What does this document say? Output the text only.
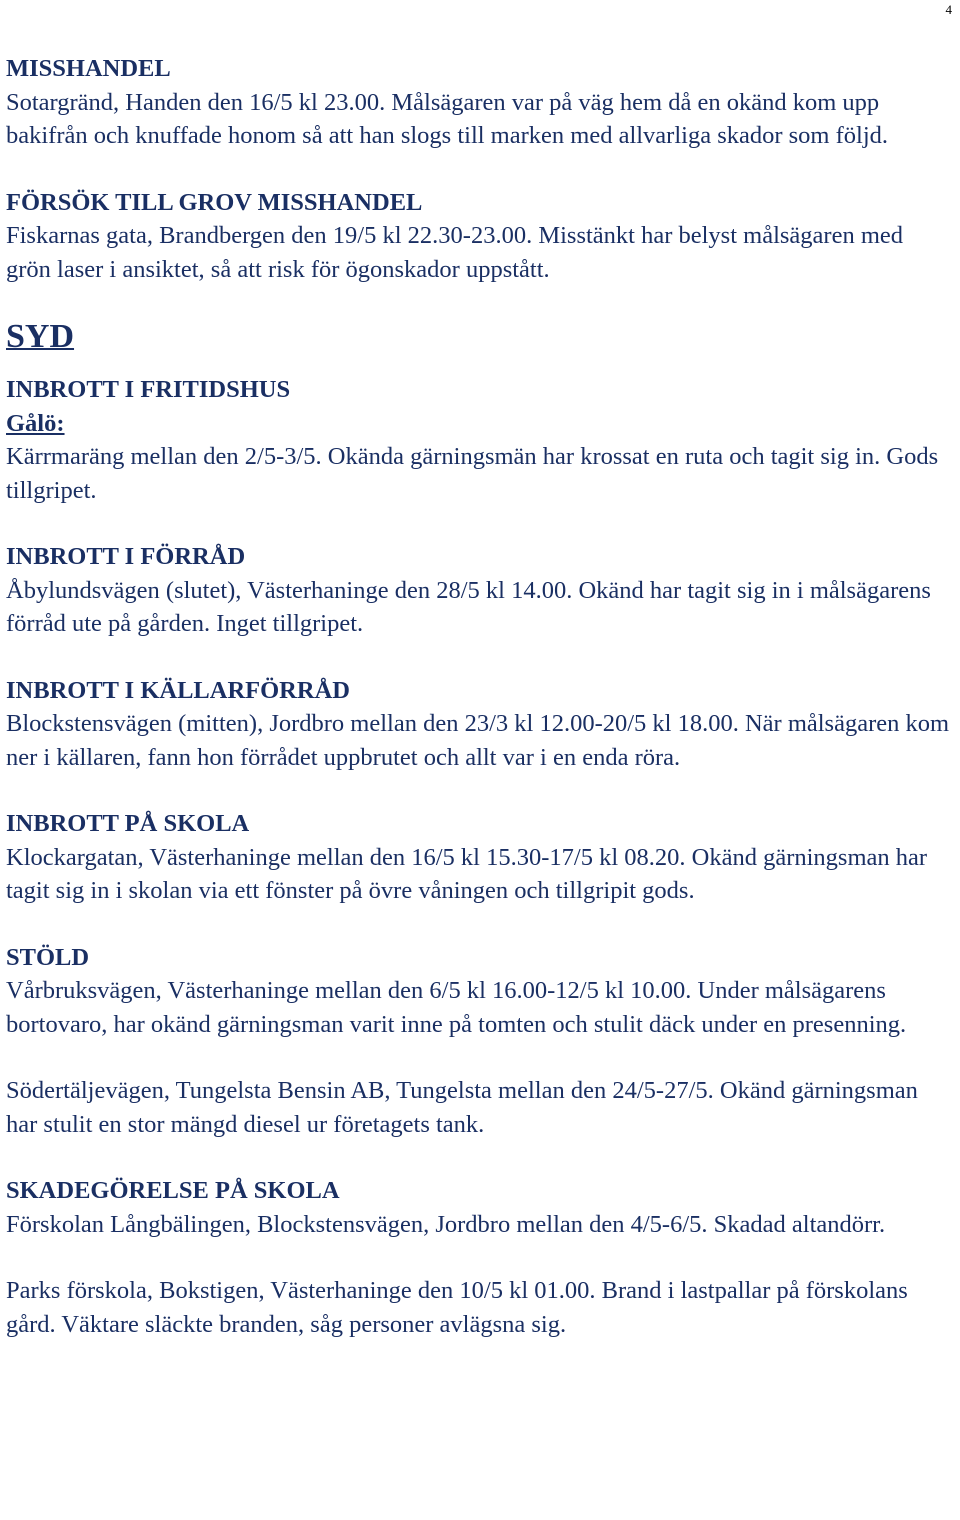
4

MISSHANDEL

Sotargränd, Handen den 16/5 kl 23.00. Målsägaren var på väg hem då en okänd kom upp bakifrån och knuffade honom så att han slogs till marken med allvarliga skador som följd.

FÖRSÖK TILL GROV MISSHANDEL

Fiskarnas gata, Brandbergen den 19/5 kl 22.30-23.00. Misstänkt har belyst målsägaren med grön laser i ansiktet, så att risk för ögonskador uppstått.

SYD

INBROTT I FRITIDSHUS

Gålö:

Kärrmaräng mellan den 2/5-3/5. Okända gärningsmän har krossat en ruta och tagit sig in. Gods tillgripet.

INBROTT I FÖRRÅD

Åbylundsvägen (slutet), Västerhaninge den 28/5 kl 14.00. Okänd har tagit sig in i målsägarens förråd ute på gården. Inget tillgripet.

INBROTT I KÄLLARFÖRRÅD

Blockstensvägen (mitten), Jordbro mellan den 23/3 kl 12.00-20/5 kl 18.00. När målsägaren kom ner i källaren, fann hon förrådet uppbrutet och allt var i en enda röra.

INBROTT PÅ SKOLA

Klockargatan, Västerhaninge mellan den 16/5 kl 15.30-17/5 kl 08.20. Okänd gärningsman har tagit sig in i skolan via ett fönster på övre våningen och tillgripit gods.

STÖLD

Vårbruksvägen, Västerhaninge mellan den 6/5 kl 16.00-12/5 kl 10.00. Under målsägarens bortovaro, har okänd gärningsman varit inne på tomten och stulit däck under en presenning.

Södertäljevägen, Tungelsta Bensin AB, Tungelsta mellan den 24/5-27/5. Okänd gärningsman har stulit en stor mängd diesel ur företagets tank.

SKADEGÖRELSE PÅ SKOLA

Förskolan Långbälingen, Blockstensvägen, Jordbro mellan den 4/5-6/5. Skadad altandörr.

Parks förskola, Bokstigen, Västerhaninge den 10/5 kl 01.00. Brand i lastpallar på förskolans gård. Väktare släckte branden, såg personer avlägsna sig.
